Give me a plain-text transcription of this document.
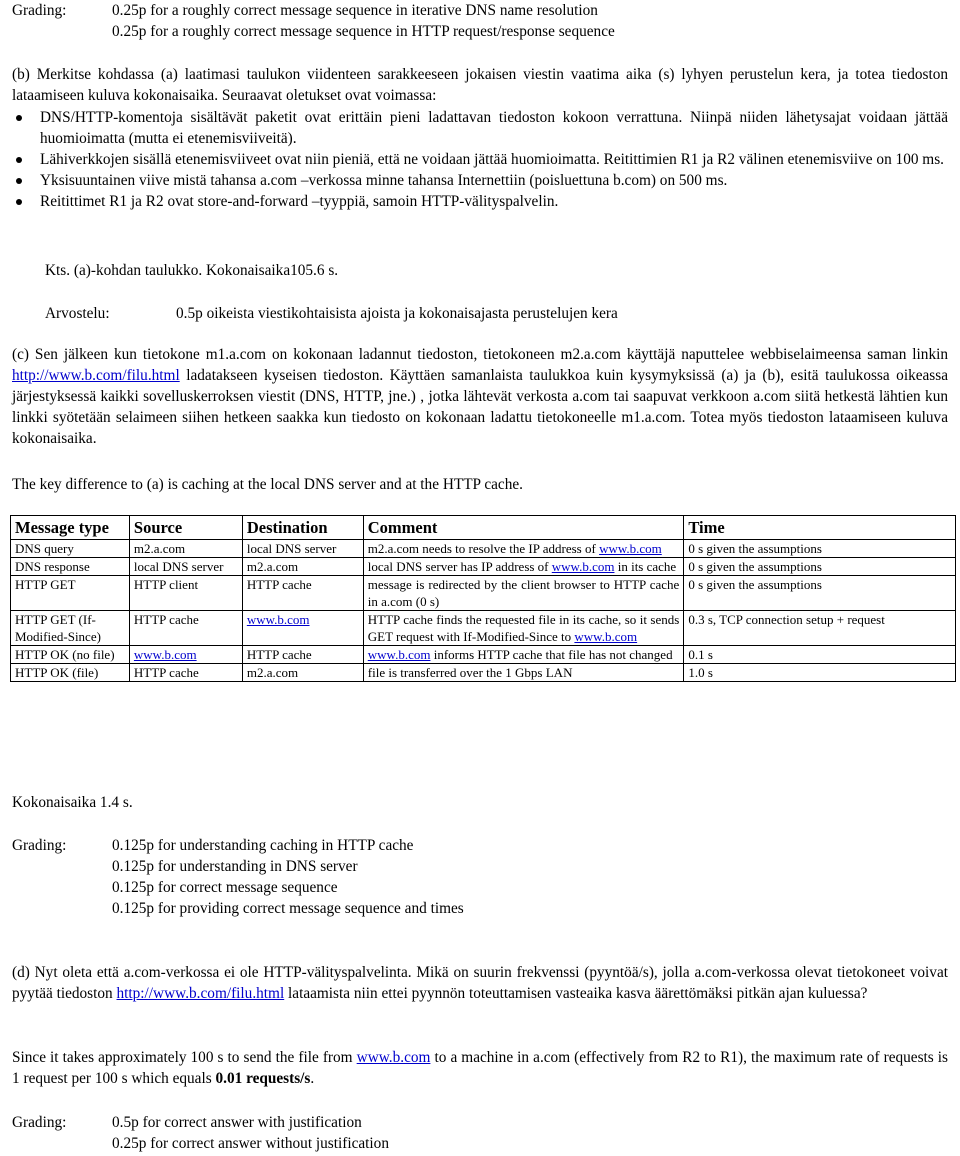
Grading:	0.25p for a roughly correct message sequence in iterative DNS name resolution
0.25p for a roughly correct message sequence in HTTP request/response sequence

(b) Merkitse kohdassa (a) laatimasi taulukon viidenteen sarakkeeseen jokaisen viestin vaatima aika (s) lyhyen perustelun kera, ja totea tiedoston lataamiseen kuluva kokonaisaika. Seuraavat oletukset ovat voimassa:

DNS/HTTP-komentoja sisältävät paketit ovat erittäin pieni ladattavan tiedoston kokoon verrattuna. Niinpä niiden lähetysajat voidaan jättää huomioimatta (mutta ei etenemisviiveitä).
Lähiverkkojen sisällä etenemisviiveet ovat niin pieniä, että ne voidaan jättää huomioimatta. Reitittimien R1 ja R2 välinen etenemisviive on 100 ms.
Yksisuuntainen viive mistä tahansa a.com –verkossa minne tahansa Internettiin (poisluettuna b.com) on 500 ms.
Reitittimet R1 ja R2 ovat store-and-forward –tyyppiä, samoin HTTP-välityspalvelin.
Kts. (a)-kohdan taulukko. Kokonaisaika105.6 s.
Arvostelu:	0.5p oikeista viestikohtaisista ajoista ja kokonaisajasta perustelujen kera

(c) Sen jälkeen kun tietokone m1.a.com on kokonaan ladannut tiedoston, tietokoneen m2.a.com käyttäjä naputtelee webbiselaimeensa saman linkin http://www.b.com/filu.html ladatakseen kyseisen tiedoston. Käyttäen samanlaista taulukkoa kuin kysymyksissä (a) ja (b), esitä taulukossa oikeassa järjestyksessä kaikki sovelluskerroksen viestit (DNS, HTTP, jne.) , jotka lähtevät verkosta a.com tai saapuvat verkkoon a.com siitä hetkestä lähtien kun linkki syötetään selaimeen siihen hetkeen saakka kun tiedosto on kokonaan ladattu tietokoneelle m1.a.com. Totea myös tiedoston lataamiseen kuluva kokonaisaika.

The key difference to (a) is caching at the local DNS server and at the HTTP cache.
Message type	Source	Destination	Comment	Time
DNS query	m2.a.com	local DNS server	m2.a.com needs to resolve the IP address of www.b.com	0 s given the assumptions
DNS response	local DNS server	m2.a.com	local DNS server has IP address of www.b.com in its cache	0 s given the assumptions
HTTP GET	HTTP client	HTTP cache	message is redirected by the client browser to HTTP cache in a.com (0 s)	0 s given the assumptions
HTTP GET (If-Modified-Since)	HTTP cache	www.b.com	HTTP cache finds the requested file in its cache, so it sends GET request with If-Modified-Since to www.b.com	0.3 s, TCP connection setup + request
HTTP OK (no file)	www.b.com	HTTP cache	www.b.com informs HTTP cache that file has not changed	0.1 s
HTTP OK (file)	HTTP cache	m2.a.com	file is transferred over the 1 Gbps LAN	1.0 s
Kokonaisaika 1.4 s.
Grading:	0.125p for understanding caching in HTTP cache
0.125p for understanding in DNS server
0.125p for correct message sequence
0.125p for providing correct message sequence and times

(d) Nyt oleta että a.com-verkossa ei ole HTTP-välityspalvelinta. Mikä on suurin frekvenssi (pyyntöä/s), jolla a.com-verkossa olevat tietokoneet voivat pyytää tiedoston http://www.b.com/filu.html lataamista niin ettei pyynnön toteuttamisen vasteaika kasva äärettömäksi pitkän ajan kuluessa?

Since it takes approximately 100 s to send the file from www.b.com to a machine in a.com (effectively from R2 to R1), the maximum rate of requests is 1 request per 100 s which equals 0.01 requests/s.

Grading:	0.5p for correct answer with justification
0.25p for correct answer without justification
